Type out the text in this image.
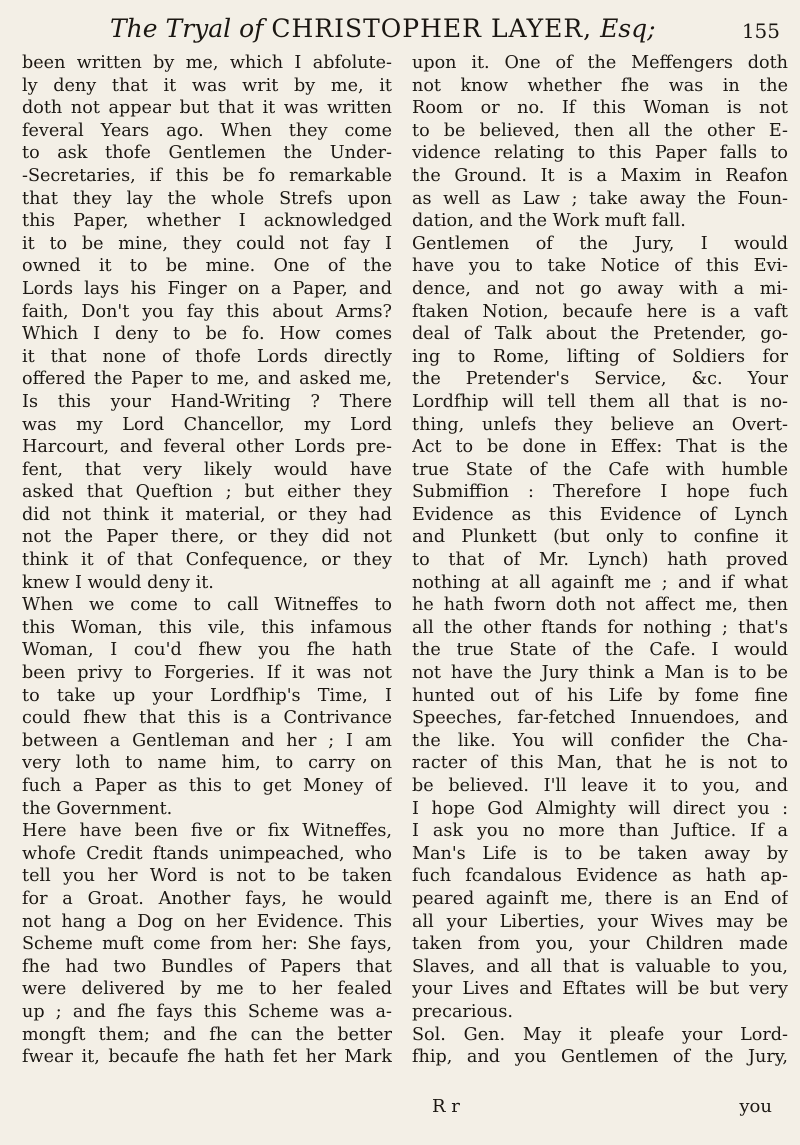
The Tryal of CHRISTOPHER LAYER, Esq;	155
been written by me, which I abfolute-
ly deny that it was writ by me, it
doth not appear but that it was written
feveral Years ago. When they come
to ask thofe Gentlemen the Under-
-Secretaries, if this be fo remarkable
that they lay the whole Strefs upon
this Paper, whether I acknowledged
it to be mine, they could not fay I
owned it to be mine. One of the
Lords lays his Finger on a Paper, and
faith, Don't you fay this about Arms?
Which I deny to be fo. How comes
it that none of thofe Lords directly
offered the Paper to me, and asked me,
Is this your Hand-Writing ? There
was my Lord Chancellor, my Lord
Harcourt, and feveral other Lords pre-
fent, that very likely would have
asked that Queftion ; but either they
did not think it material, or they had
not the Paper there, or they did not
think it of that Confequence, or they
knew I would deny it.
When we come to call Witneffes to
this Woman, this vile, this infamous
Woman, I cou'd fhew you fhe hath
been privy to Forgeries. If it was not
to take up your Lordfhip's Time, I
could fhew that this is a Contrivance
between a Gentleman and her ; I am
very loth to name him, to carry on
fuch a Paper as this to get Money of
the Government.
Here have been five or fix Witneffes,
whofe Credit ftands unimpeached, who
tell you her Word is not to be taken
for a Groat. Another fays, he would
not hang a Dog on her Evidence. This
Scheme muft come from her: She fays,
fhe had two Bundles of Papers that
were delivered by me to her fealed
up ; and fhe fays this Scheme was a-
mongft them; and fhe can the better
fwear it, becaufe fhe hath fet her Mark
upon it. One of the Meffengers doth
not know whether fhe was in the
Room or no. If this Woman is not
to be believed, then all the other E-
vidence relating to this Paper falls to
the Ground. It is a Maxim in Reafon
as well as Law ; take away the Foun-
dation, and the Work muft fall.
Gentlemen of the Jury, I would
have you to take Notice of this Evi-
dence, and not go away with a mi-
ftaken Notion, becaufe here is a vaft
deal of Talk about the Pretender, go-
ing to Rome, lifting of Soldiers for
the Pretender's Service, &c. Your
Lordfhip will tell them all that is no-
thing, unlefs they believe an Overt-
Act to be done in Effex: That is the
true State of the Cafe with humble
Submiffion : Therefore I hope fuch
Evidence as this Evidence of Lynch
and Plunkett (but only to confine it
to that of Mr. Lynch) hath proved
nothing at all againft me ; and if what
he hath fworn doth not affect me, then
all the other ftands for nothing ; that's
the true State of the Cafe. I would
not have the Jury think a Man is to be
hunted out of his Life by fome fine
Speeches, far-fetched Innuendoes, and
the like. You will confider the Cha-
racter of this Man, that he is not to
be believed. I'll leave it to you, and
I hope God Almighty will direct you :
I ask you no more than Juftice. If a
Man's Life is to be taken away by
fuch fcandalous Evidence as hath ap-
peared againft me, there is an End of
all your Liberties, your Wives may be
taken from you, your Children made
Slaves, and all that is valuable to you,
your Lives and Eftates will be but very
precarious.
Sol. Gen. May it pleafe your Lord-
fhip, and you Gentlemen of the Jury,
R r	you
